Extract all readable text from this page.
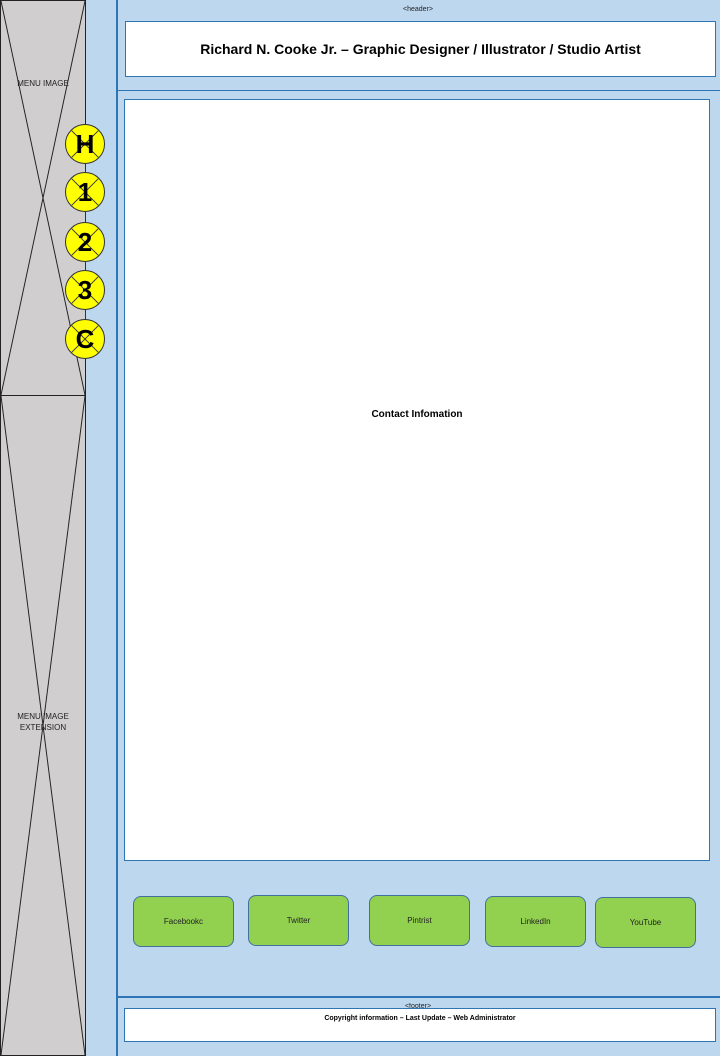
MENU IMAGE
MENU IMAGE
EXTENSION
H
1
2
3
C
<header>
Richard N. Cooke Jr. – Graphic Designer / Illustrator / Studio Artist
Contact Infomation
Facebookc	Twitter	Pintrist	LinkedIn	YouTube
<footer>
Copyright information – Last Update – Web Administrator
